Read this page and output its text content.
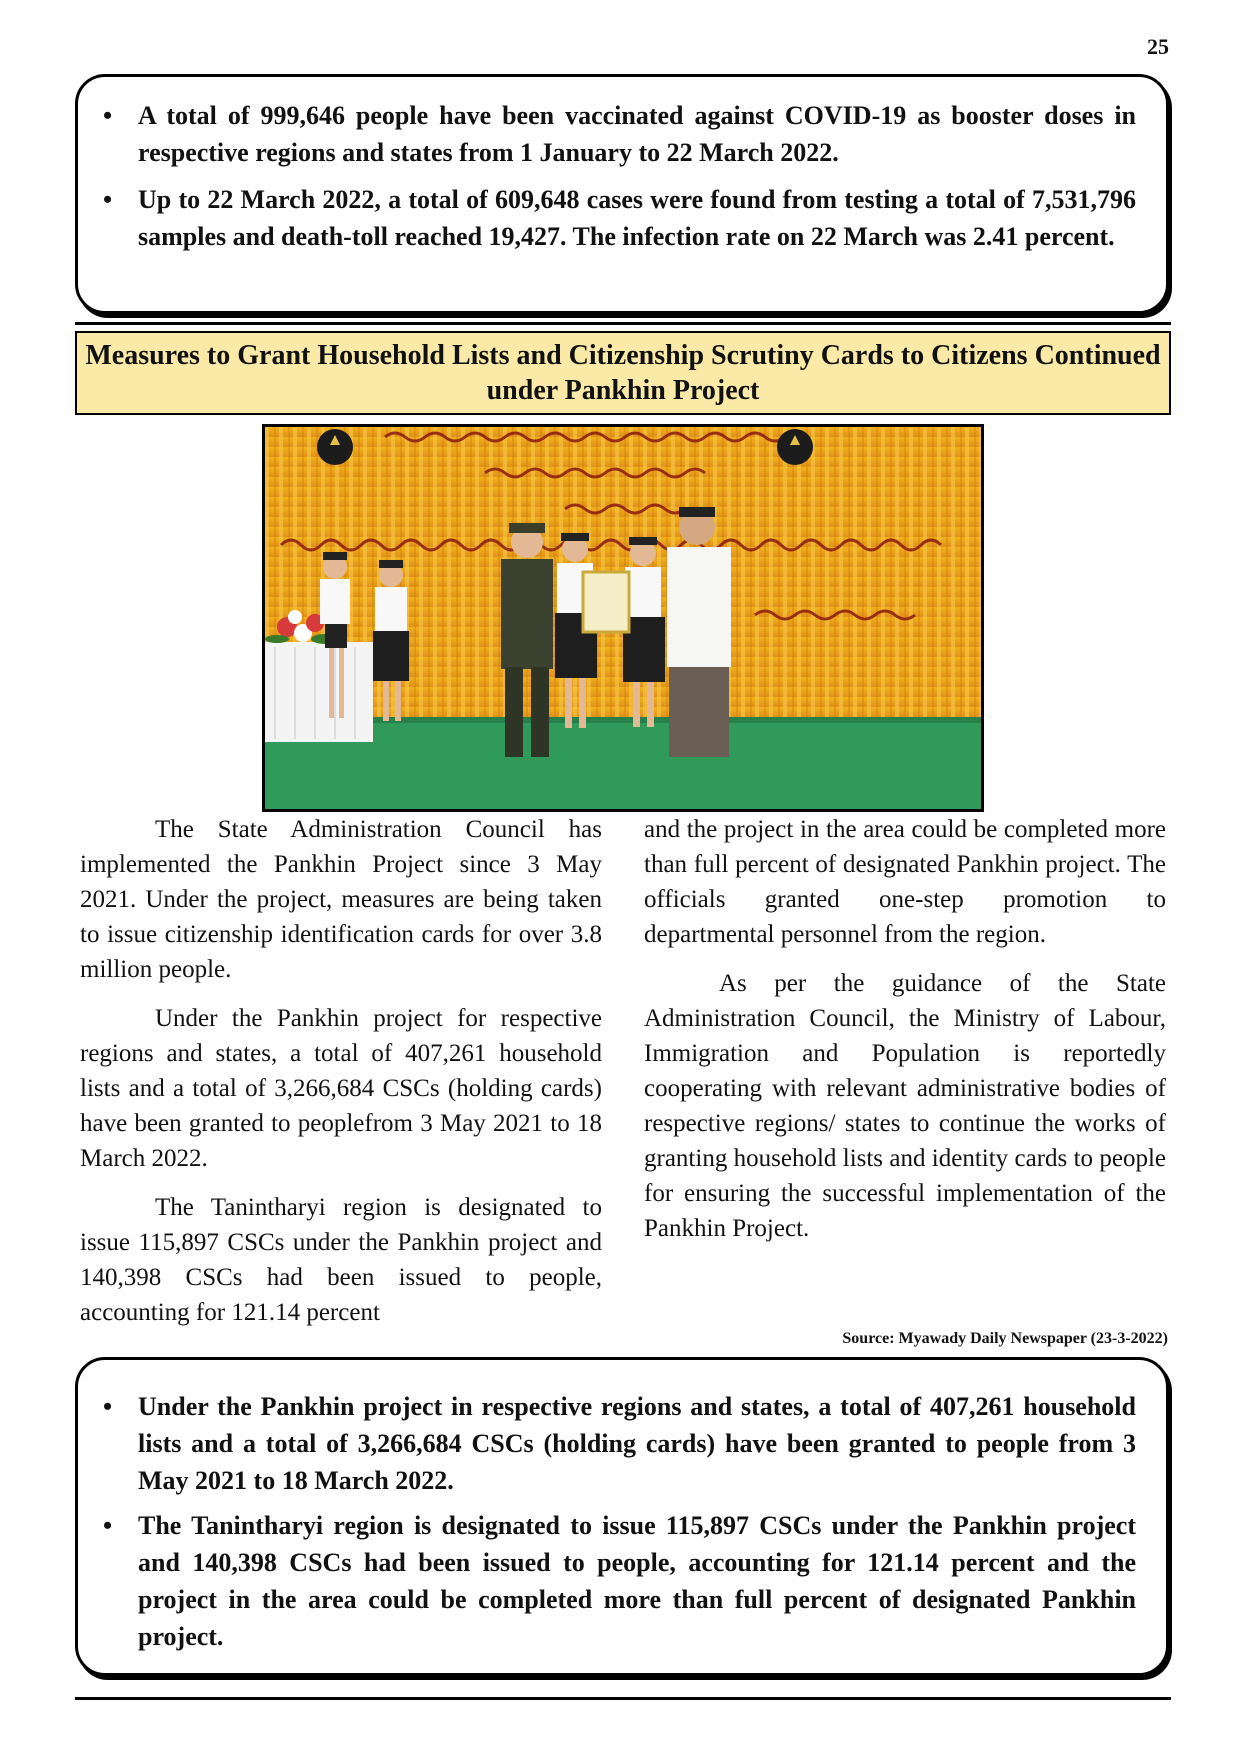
25
• A total of 999,646 people have been vaccinated against COVID-19 as booster doses in respective regions and states from 1 January to 22 March 2022.
• Up to 22 March 2022, a total of 609,648 cases were found from testing a total of 7,531,796 samples and death-toll reached 19,427. The infection rate on 22 March was 2.41 percent.
Measures to Grant Household Lists and Citizenship Scrutiny Cards to Citizens Continued under Pankhin Project

The State Administration Council has implemented the Pankhin Project since 3 May 2021. Under the project, measures are being taken to issue citizenship identification cards for over 3.8 million people.

Under the Pankhin project for respective regions and states, a total of 407,261 household lists and a total of 3,266,684 CSCs (holding cards) have been granted to peoplefrom 3 May 2021 to 18 March 2022.

The Tanintharyi region is designated to issue 115,897 CSCs under the Pankhin project and 140,398 CSCs had been issued to people, accounting for 121.14 percent

and the project in the area could be completed more than full percent of designated Pankhin project. The officials granted one-step promotion to departmental personnel from the region.

As per the guidance of the State Administration Council, the Ministry of Labour, Immigration and Population is reportedly cooperating with relevant administrative bodies of respective regions/ states to continue the works of granting household lists and identity cards to people for ensuring the successful implementation of the Pankhin Project.

Source: Myawady Daily Newspaper (23-3-2022)
• Under the Pankhin project in respective regions and states, a total of 407,261 household lists and a total of 3,266,684 CSCs (holding cards) have been granted to people from 3 May 2021 to 18 March 2022.
• The Tanintharyi region is designated to issue 115,897 CSCs under the Pankhin project and 140,398 CSCs had been issued to people, accounting for 121.14 percent and the project in the area could be completed more than full percent of designated Pankhin project.
